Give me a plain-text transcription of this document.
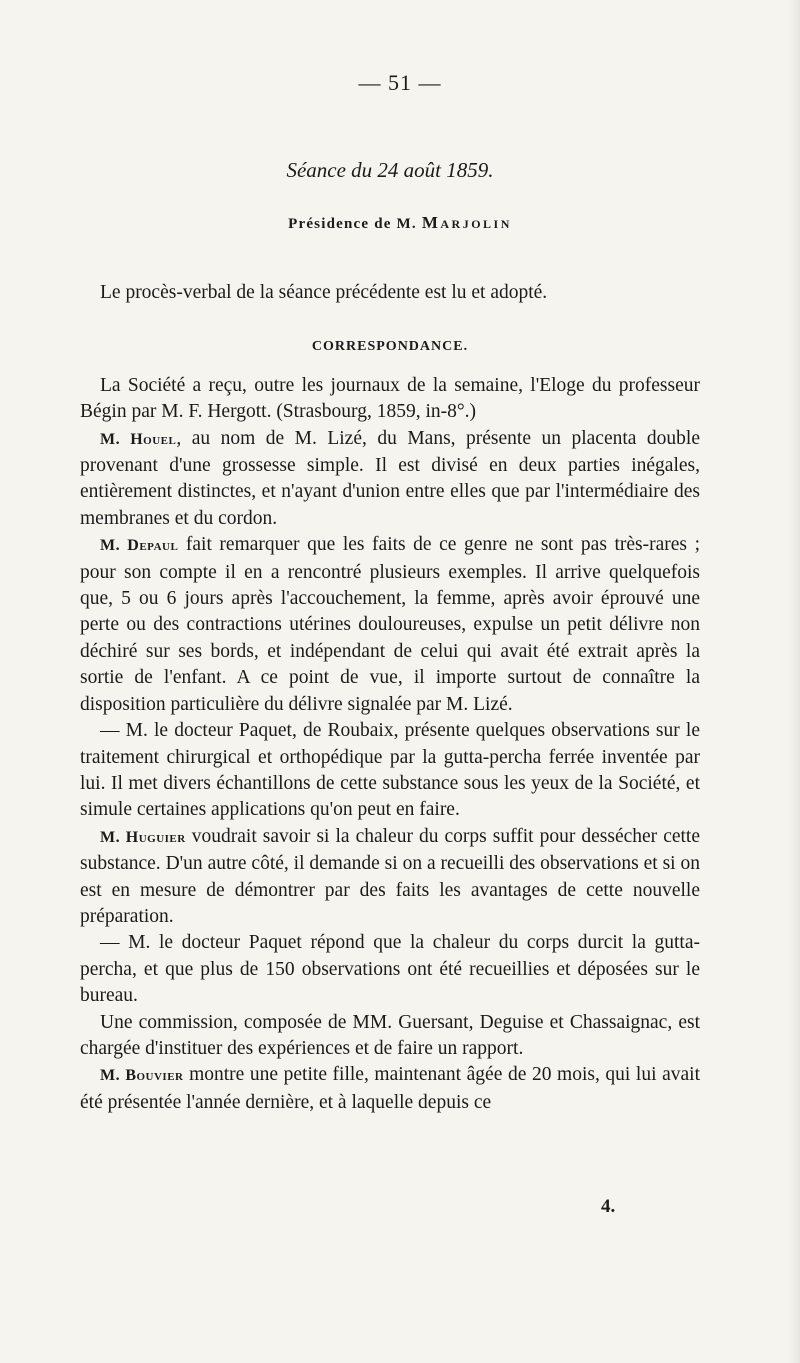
— 51 —
Séance du 24 août 1859.
Présidence de M. Marjolin

Le procès-verbal de la séance précédente est lu et adopté.

CORRESPONDANCE.

La Société a reçu, outre les journaux de la semaine, l'Eloge du professeur Bégin par M. F. Hergott. (Strasbourg, 1859, in-8°.)

M. Houel, au nom de M. Lizé, du Mans, présente un placenta double provenant d'une grossesse simple. Il est divisé en deux parties inégales, entièrement distinctes, et n'ayant d'union entre elles que par l'intermédiaire des membranes et du cordon.

M. Depaul fait remarquer que les faits de ce genre ne sont pas très-rares ; pour son compte il en a rencontré plusieurs exemples. Il arrive quelquefois que, 5 ou 6 jours après l'accouchement, la femme, après avoir éprouvé une perte ou des contractions utérines douloureuses, expulse un petit délivre non déchiré sur ses bords, et indépendant de celui qui avait été extrait après la sortie de l'enfant. A ce point de vue, il importe surtout de connaître la disposition particulière du délivre signalée par M. Lizé.

— M. le docteur Paquet, de Roubaix, présente quelques observations sur le traitement chirurgical et orthopédique par la gutta-percha ferrée inventée par lui. Il met divers échantillons de cette substance sous les yeux de la Société, et simule certaines applications qu'on peut en faire.

M. Huguier voudrait savoir si la chaleur du corps suffit pour dessécher cette substance. D'un autre côté, il demande si on a recueilli des observations et si on est en mesure de démontrer par des faits les avantages de cette nouvelle préparation.

— M. le docteur Paquet répond que la chaleur du corps durcit la gutta-percha, et que plus de 150 observations ont été recueillies et déposées sur le bureau.

Une commission, composée de MM. Guersant, Deguise et Chassaignac, est chargée d'instituer des expériences et de faire un rapport.

M. Bouvier montre une petite fille, maintenant âgée de 20 mois, qui lui avait été présentée l'année dernière, et à laquelle depuis ce

4.
